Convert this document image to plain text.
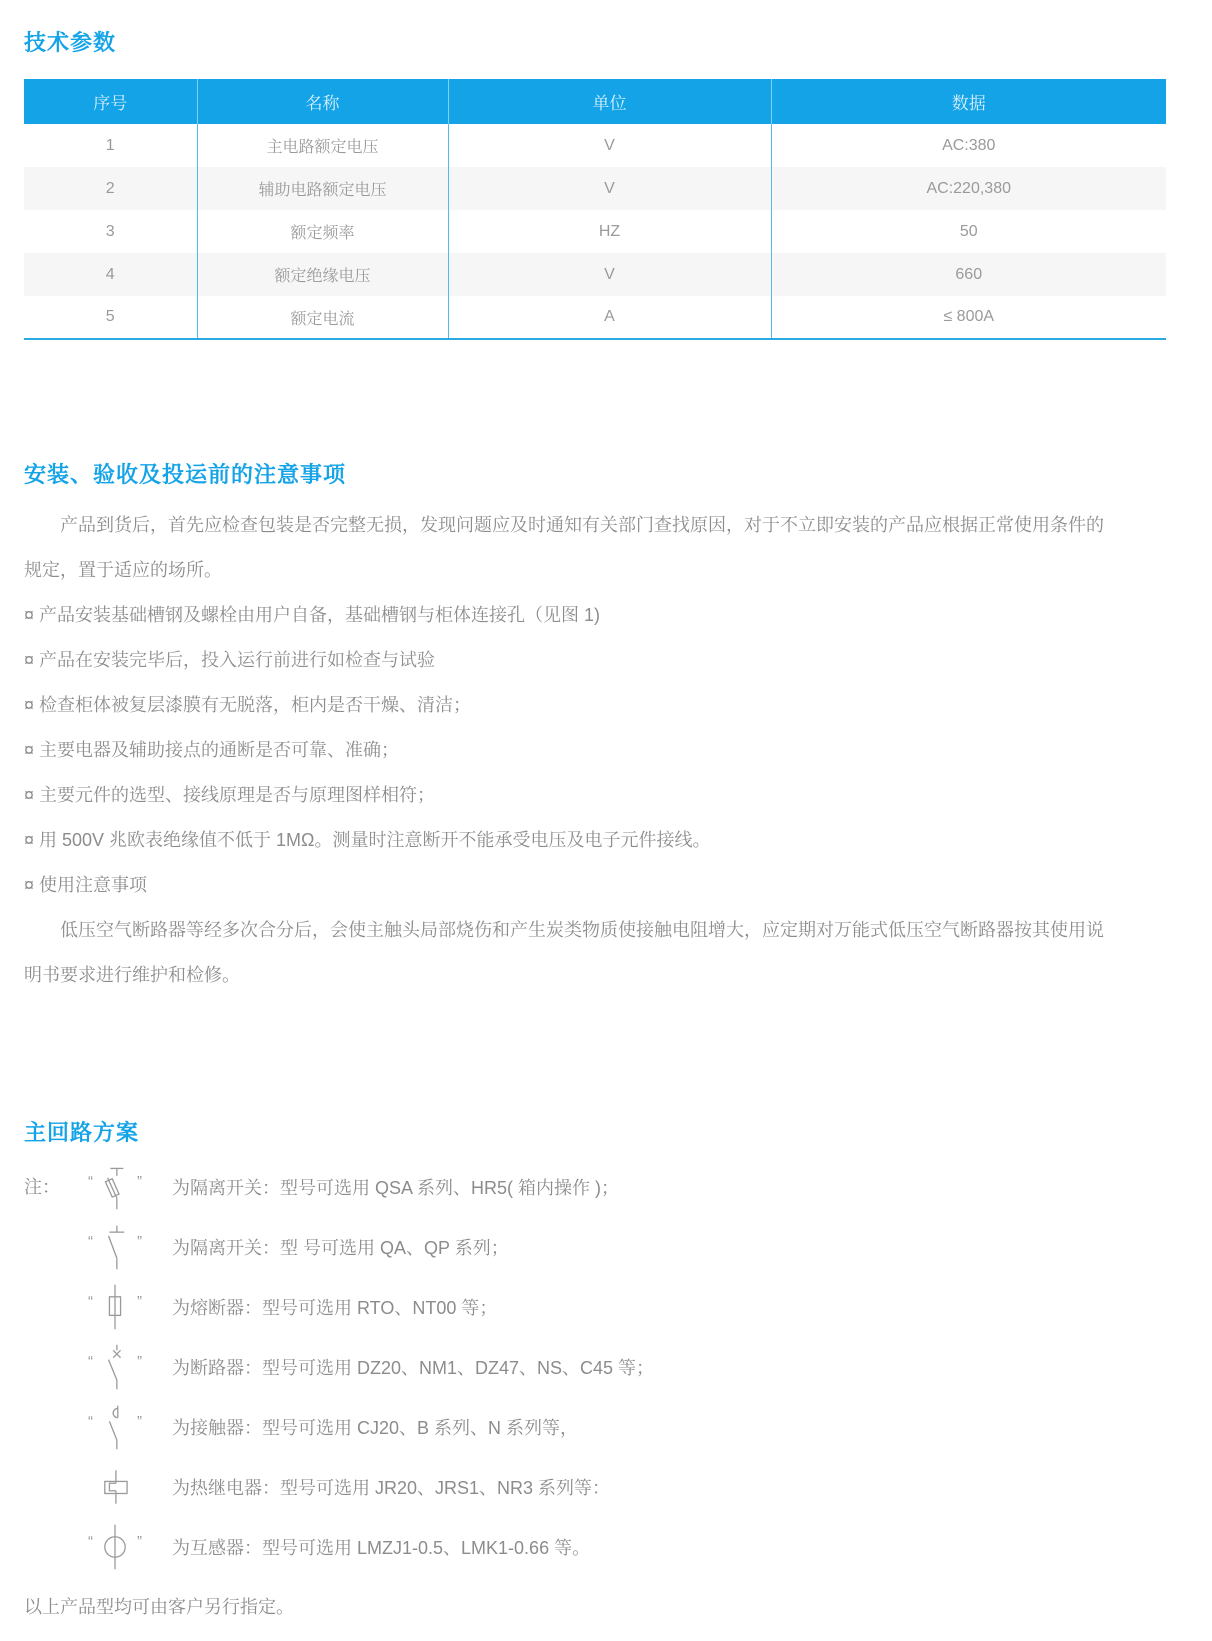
技术参数
序号	名称	单位	数据
1	主电路额定电压	V	AC:380
2	辅助电路额定电压	V	AC:220,380
3	额定频率	HZ	50
4	额定绝缘电压	V	660
5	额定电流	A	≤ 800A
安装、验收及投运前的注意事项

产品到货后，首先应检查包装是否完整无损，发现问题应及时通知有关部门查找原因，对于不立即安装的产品应根据正常使用条件的规定，置于适应的场所。

¤ 产品安装基础槽钢及螺栓由用户自备，基础槽钢与柜体连接孔（见图 1)
¤ 产品在安装完毕后，投入运行前进行如检查与试验
¤ 检查柜体被复层漆膜有无脱落，柜内是否干燥、清洁；
¤ 主要电器及辅助接点的通断是否可靠、准确；
¤ 主要元件的选型、接线原理是否与原理图样相符；
¤ 用 500V 兆欧表绝缘值不低于 1MΩ。测量时注意断开不能承受电压及电子元件接线。
¤ 使用注意事项

低压空气断路器等经多次合分后，会使主触头局部烧伤和产生炭类物质使接触电阻增大，应定期对万能式低压空气断路器按其使用说明书要求进行维护和检修。

主回路方案
注：	“	” 为隔离开关：型号可选用 QSA 系列、HR5( 箱内操作 )；
“	” 为隔离开关：型 号可选用 QA、QP 系列；
“	” 为熔断器：型号可选用 RTO、NT00 等；
“	” 为断路器：型号可选用 DZ20、NM1、DZ47、NS、C45 等；
“	” 为接触器：型号可选用 CJ20、B 系列、N 系列等，
为热继电器：型号可选用 JR20、JRS1、NR3 系列等：
“	” 为互感器：型号可选用 LMZJ1-0.5、LMK1-0.66 等。
以上产品型均可由客户另行指定。
